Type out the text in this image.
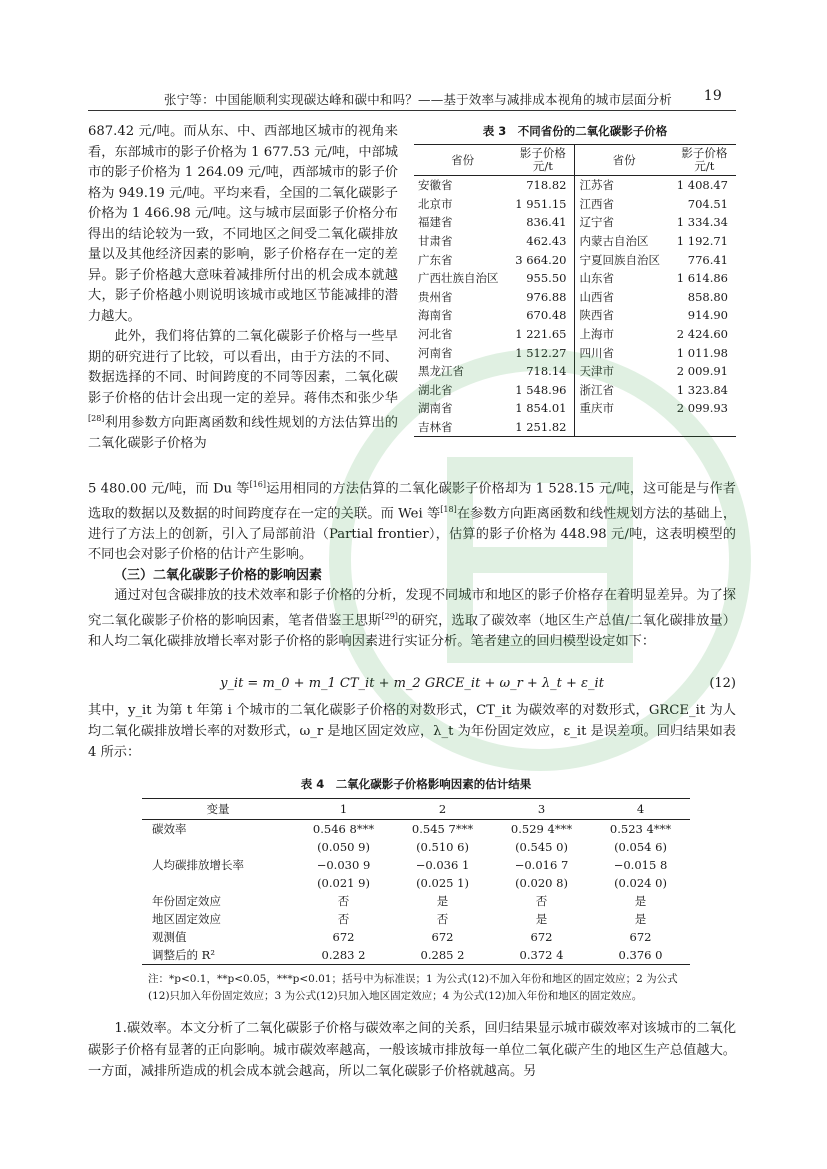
张宁等：中国能顺利实现碳达峰和碳中和吗？——基于效率与减排成本视角的城市层面分析 19

687.42 元/吨。而从东、中、西部地区城市的视角来看，东部城市的影子价格为 1 677.53 元/吨，中部城市的影子价格为 1 264.09 元/吨，西部城市的影子价格为 949.19 元/吨。平均来看，全国的二氧化碳影子价格为 1 466.98 元/吨。这与城市层面影子价格分布得出的结论较为一致，不同地区之间受二氧化碳排放量以及其他经济因素的影响，影子价格存在一定的差异。影子价格越大意味着减排所付出的机会成本就越大，影子价格越小则说明该城市或地区节能减排的潜力越大。

此外，我们将估算的二氧化碳影子价格与一些早期的研究进行了比较，可以看出，由于方法的不同、数据选择的不同、时间跨度的不同等因素，二氧化碳影子价格的估计会出现一定的差异。蒋伟杰和张少华[28]利用参数方向距离函数和线性规划的方法估算出的二氧化碳影子价格为

表 3　不同省份的二氧化碳影子价格
省份	影子价格元/t	省份	影子价格元/t
安徽省	718.82	江苏省	1 408.47
北京市	1 951.15	江西省	704.51
福建省	836.41	辽宁省	1 334.34
甘肃省	462.43	内蒙古自治区	1 192.71
广东省	3 664.20	宁夏回族自治区	776.41
广西壮族自治区	955.50	山东省	1 614.86
贵州省	976.88	山西省	858.80
海南省	670.48	陕西省	914.90
河北省	1 221.65	上海市	2 424.60
河南省	1 512.27	四川省	1 011.98
黑龙江省	718.14	天津市	2 009.91
湖北省	1 548.96	浙江省	1 323.84
湖南省	1 854.01	重庆市	2 099.93
吉林省	1 251.82		

5 480.00 元/吨，而 Du 等[16]运用相同的方法估算的二氧化碳影子价格却为 1 528.15 元/吨，这可能是与作者选取的数据以及数据的时间跨度存在一定的关联。而 Wei 等[18]在参数方向距离函数和线性规划方法的基础上，进行了方法上的创新，引入了局部前沿（Partial frontier），估算的影子价格为 448.98 元/吨，这表明模型的不同也会对影子价格的估计产生影响。

（三）二氧化碳影子价格的影响因素

通过对包含碳排放的技术效率和影子价格的分析，发现不同城市和地区的影子价格存在着明显差异。为了探究二氧化碳影子价格的影响因素，笔者借鉴王思斯[29]的研究，选取了碳效率（地区生产总值/二氧化碳排放量）和人均二氧化碳排放增长率对影子价格的影响因素进行实证分析。笔者建立的回归模型设定如下：

y_it = m_0 + m_1 CT_it + m_2 GRCE_it + ω_r + λ_t + ε_it	(12)
其中，y_it 为第 t 年第 i 个城市的二氧化碳影子价格的对数形式，CT_it 为碳效率的对数形式，GRCE_it 为人均二氧化碳排放增长率的对数形式，ω_r 是地区固定效应，λ_t 为年份固定效应，ε_it 是误差项。回归结果如表 4 所示：
表 4　二氧化碳影子价格影响因素的估计结果
变量	1	2	3	4
碳效率	0.546 8***	0.545 7***	0.529 4***	0.523 4***
	(0.050 9)	(0.510 6)	(0.545 0)	(0.054 6)
人均碳排放增长率	−0.030 9	−0.036 1	−0.016 7	−0.015 8
	(0.021 9)	(0.025 1)	(0.020 8)	(0.024 0)
年份固定效应	否	是	否	是
地区固定效应	否	否	是	是
观测值	672	672	672	672
调整后的 R²	0.283 2	0.285 2	0.372 4	0.376 0
注：*p<0.1，**p<0.05，***p<0.01；括号中为标准误；1 为公式(12)不加入年份和地区的固定效应；2 为公式
(12)只加入年份固定效应；3 为公式(12)只加入地区固定效应；4 为公式(12)加入年份和地区的固定效应。

1.碳效率。本文分析了二氧化碳影子价格与碳效率之间的关系，回归结果显示城市碳效率对该城市的二氧化碳影子价格有显著的正向影响。城市碳效率越高，一般该城市排放每一单位二氧化碳产生的地区生产总值越大。一方面，减排所造成的机会成本就会越高，所以二氧化碳影子价格就越高。另
